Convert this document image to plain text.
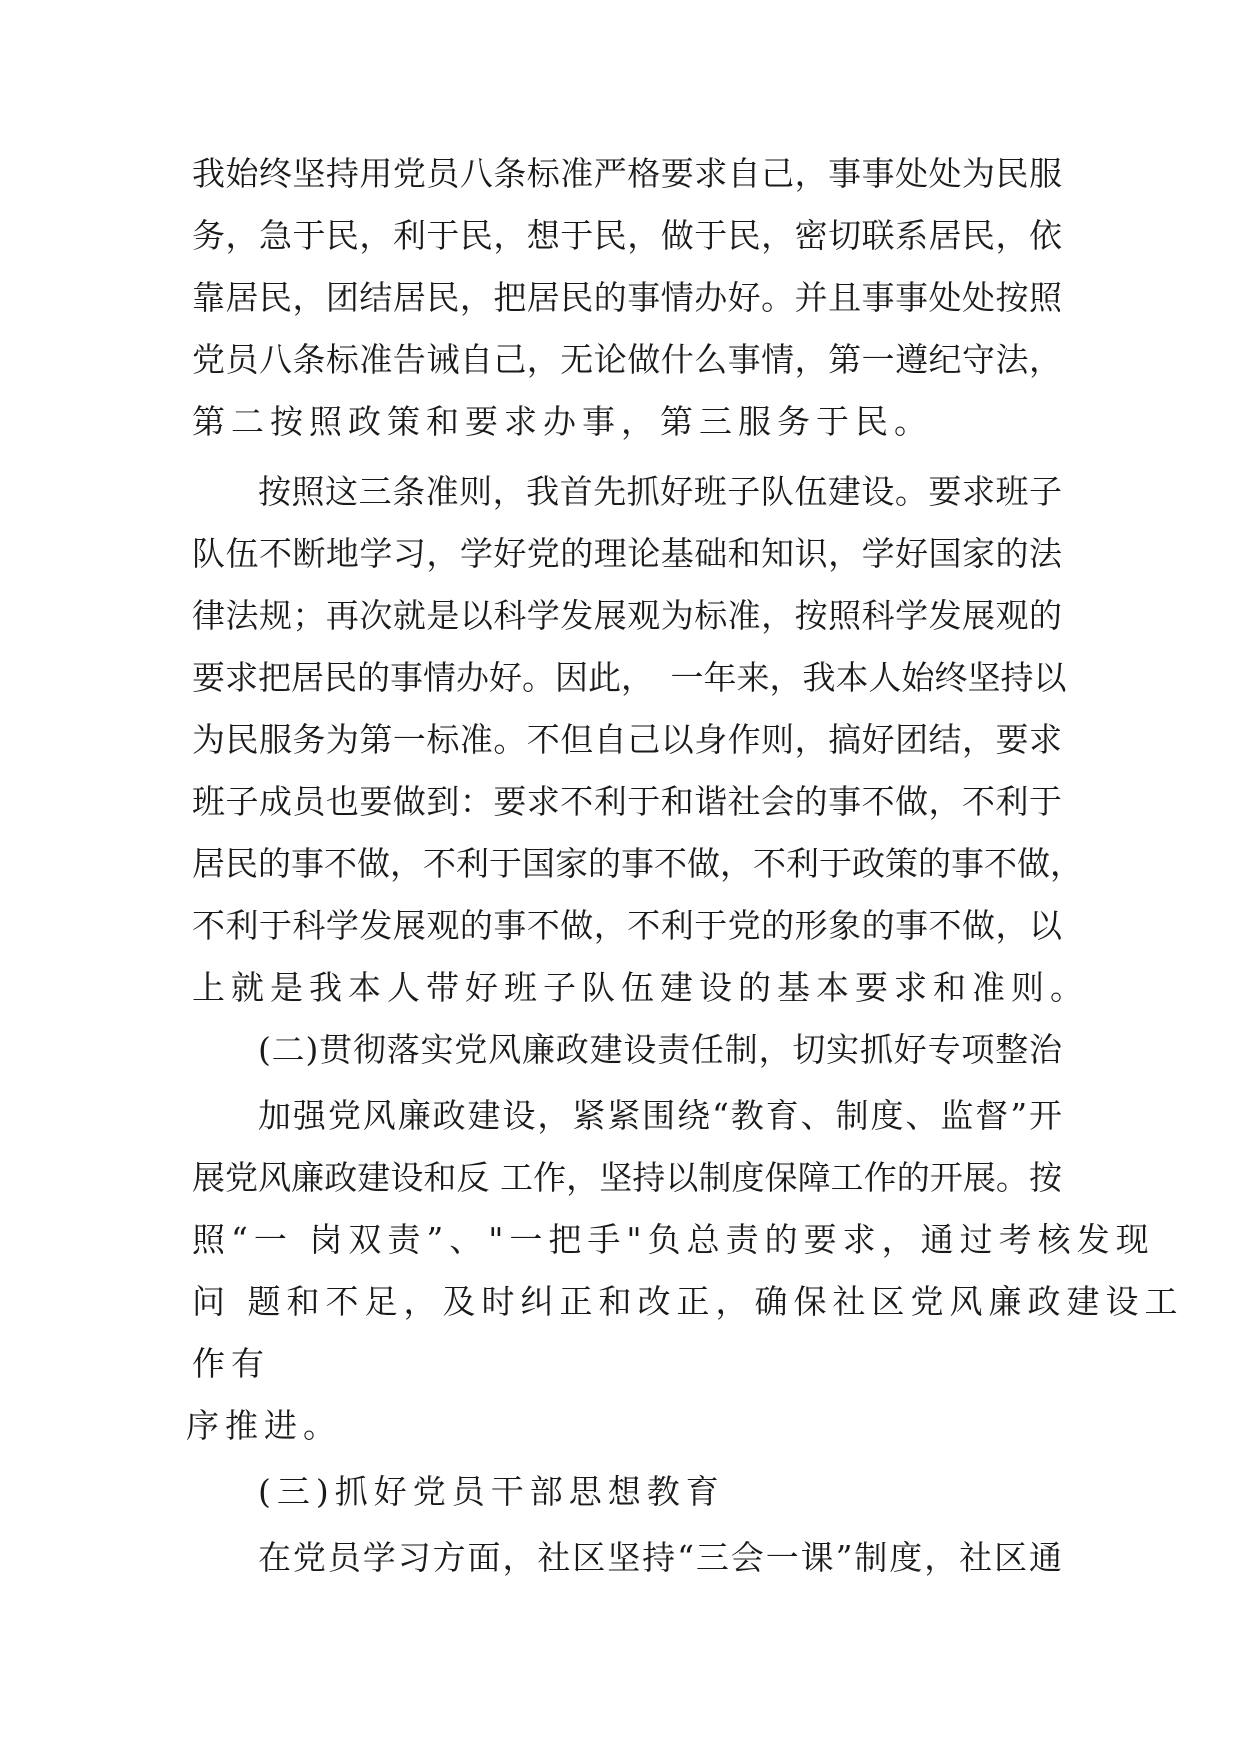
我始终坚持用党员八条标准严格要求自己，事事处处为民服
务，急于民，利于民，想于民，做于民，密切联系居民，依
靠居民，团结居民，把居民的事情办好。并且事事处处按照
党员八条标准告诫自己，无论做什么事情，第一遵纪守法，
第二按照政策和要求办事，第三服务于民。
按照这三条准则，我首先抓好班子队伍建设。要求班子
队伍不断地学习，学好党的理论基础和知识，学好国家的法
律法规；再次就是以科学发展观为标准，按照科学发展观的
要求把居民的事情办好。因此，　一年来，我本人始终坚持以
为民服务为第一标准。不但自己以身作则，搞好团结，要求
班子成员也要做到：要求不利于和谐社会的事不做，不利于
居民的事不做，不利于国家的事不做，不利于政策的事不做，
不利于科学发展观的事不做，不利于党的形象的事不做，以
上就是我本人带好班子队伍建设的基本要求和准则。
(二)贯彻落实党风廉政建设责任制，切实抓好专项整治
加强党风廉政建设，紧紧围绕“教育、制度、监督”开
展党风廉政建设和反 工作，坚持以制度保障工作的开展。按
照“一 岗双责”、"一把手"负总责的要求，通过考核发现
问 题和不足，及时纠正和改正，确保社区党风廉政建设工
作有
序推进。
(三)抓好党员干部思想教育
在党员学习方面，社区坚持“三会一课”制度，社区通
